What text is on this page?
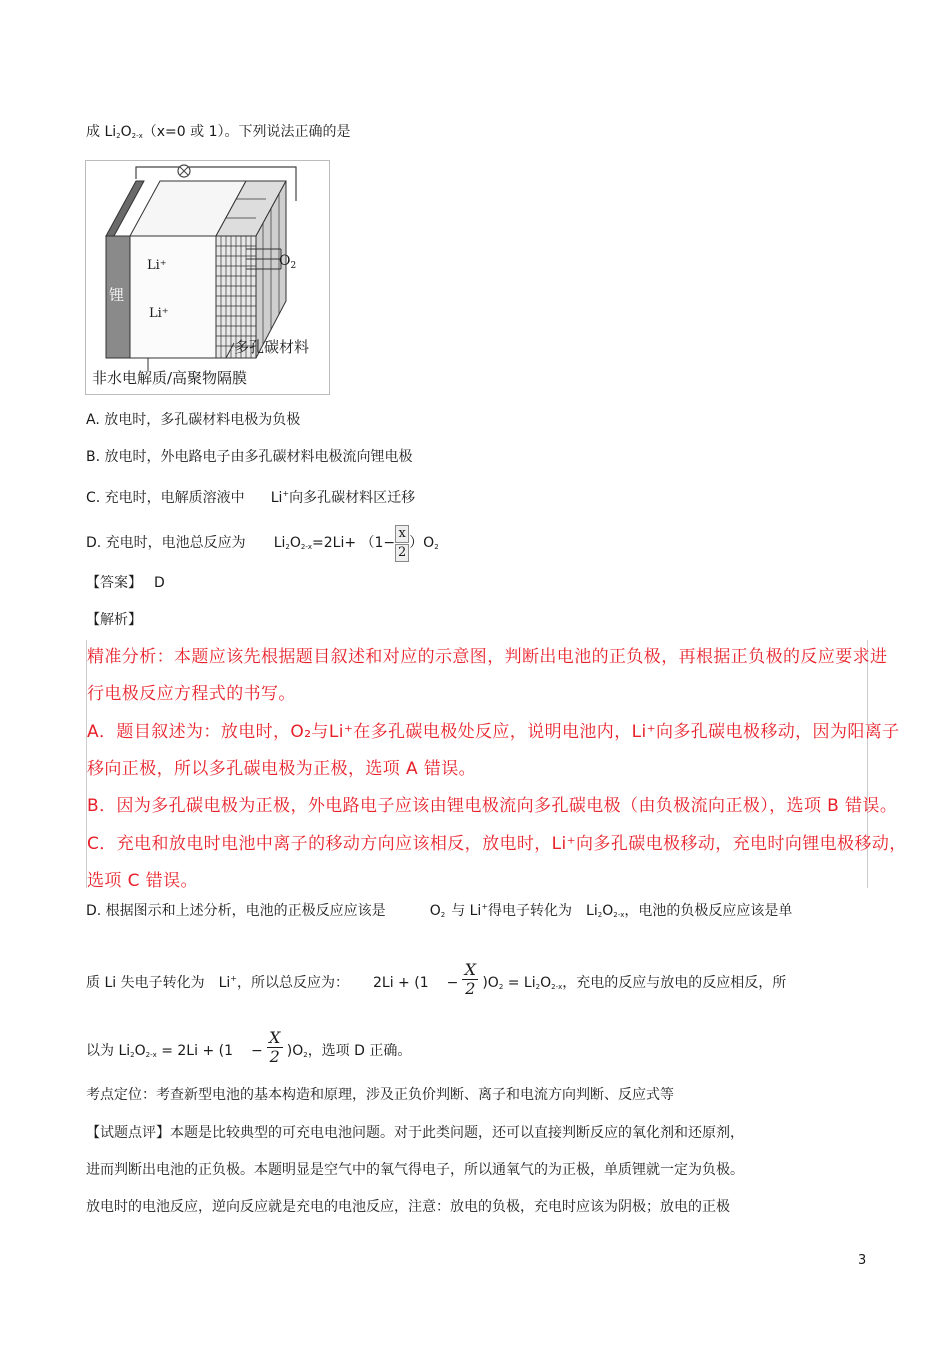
成 $Li_2O_{2-x}(x=0$ 或 1）。下列说法正确的是
锂
Li⁺
Li⁺
$O_2$
多孔碳材料
非水电解质/高聚物隔膜
A. 放电时，多孔碳材料电极为负极
B. 放电时，外电路电子由多孔碳材料电极流向锂电极
C. 充电时，电解质溶液中 Li+向多孔碳材料区迁移
D. 充电时，电池总反应为 $Li_2O_{2-x}=2Li+ (1- \frac{x}{2} )O_2$
【答案】 D
【解析】
精准分析：本题应该先根据题目叙述和对应的示意图，判断出电池的正负极，再根据正负极的反应要求进
行电极反应方程式的书写。
A．题目叙述为：放电时，O₂与Li⁺在多孔碳电极处反应，说明电池内，Li⁺向多孔碳电极移动，因为阳离子
移向正极，所以多孔碳电极为正极，选项 A 错误。
B．因为多孔碳电极为正极，外电路电子应该由锂电极流向多孔碳电极（由负极流向正极），选项 B 错误。
C．充电和放电时电池中离子的移动方向应该相反，放电时，Li⁺向多孔碳电极移动，充电时向锂电极移动，
选项 C 错误。
D. 根据图示和上述分析，电池的正极反应应该是	$O_2$ 与 Li+得电子转化为 $Li_2O_{2-x}$，电池的负极反应应该是单
质 Li 失电子转化为 Li+，所以总反应为： $2Li + (1 - \frac{X}{2} )O_2 = Li_2O_{2-x}$，充电的反应与放电的反应相反，所
以为 $Li_2O_{2-x} = 2Li + (1 - \frac{X}{2} )O_2$，选项 D 正确。
考点定位：考查新型电池的基本构造和原理，涉及正负价判断、离子和电流方向判断、反应式等
【试题点评】本题是比较典型的可充电电池问题。对于此类问题，还可以直接判断反应的氧化剂和还原剂，
进而判断出电池的正负极。本题明显是空气中的氧气得电子，所以通氧气的为正极，单质锂就一定为负极。
放电时的电池反应，逆向反应就是充电的电池反应，注意：放电的负极，充电时应该为阴极；放电的正极
3
